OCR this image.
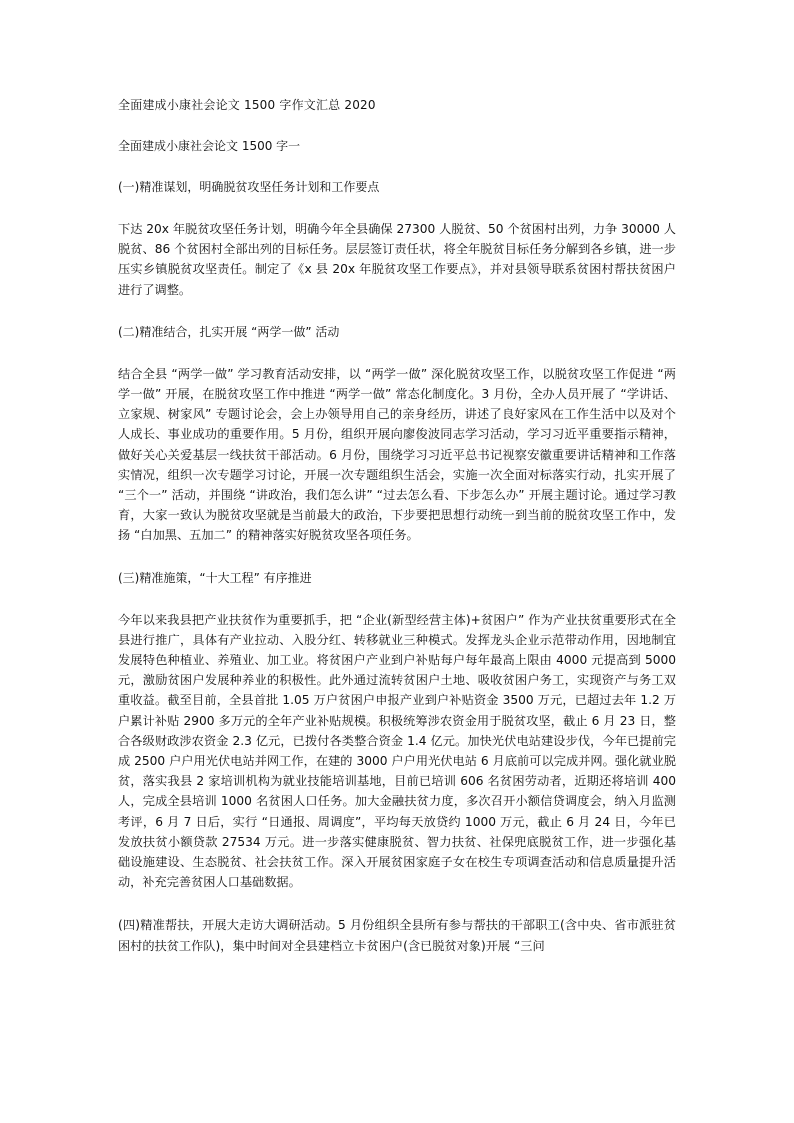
全面建成小康社会论文 1500 字作文汇总 2020
全面建成小康社会论文 1500 字一
(一)精准谋划，明确脱贫攻坚任务计划和工作要点
下达 20x 年脱贫攻坚任务计划，明确今年全县确保 27300 人脱贫、50 个贫困村出列，力争 30000 人脱贫、86 个贫困村全部出列的目标任务。层层签订责任状，将全年脱贫目标任务分解到各乡镇，进一步压实乡镇脱贫攻坚责任。制定了《x 县 20x 年脱贫攻坚工作要点》，并对县领导联系贫困村帮扶贫困户进行了调整。
(二)精准结合，扎实开展 “两学一做” 活动
结合全县 “两学一做” 学习教育活动安排，以 “两学一做” 深化脱贫攻坚工作，以脱贫攻坚工作促进 “两学一做” 开展，在脱贫攻坚工作中推进 “两学一做” 常态化制度化。3 月份，全办人员开展了 “学讲话、立家规、树家风” 专题讨论会，会上办领导用自己的亲身经历，讲述了良好家风在工作生活中以及对个人成长、事业成功的重要作用。5 月份，组织开展向廖俊波同志学习活动，学习习近平重要指示精神，做好关心关爱基层一线扶贫干部活动。6 月份，围绕学习习近平总书记视察安徽重要讲话精神和工作落实情况，组织一次专题学习讨论，开展一次专题组织生活会，实施一次全面对标落实行动，扎实开展了 “三个一” 活动，并围绕 “讲政治，我们怎么讲” “过去怎么看、下步怎么办” 开展主题讨论。通过学习教育，大家一致认为脱贫攻坚就是当前最大的政治，下步要把思想行动统一到当前的脱贫攻坚工作中，发扬 “白加黑、五加二” 的精神落实好脱贫攻坚各项任务。
(三)精准施策，“十大工程” 有序推进
今年以来我县把产业扶贫作为重要抓手，把 “企业(新型经营主体)+贫困户” 作为产业扶贫重要形式在全县进行推广，具体有产业拉动、入股分红、转移就业三种模式。发挥龙头企业示范带动作用，因地制宜发展特色种植业、养殖业、加工业。将贫困户产业到户补贴每户每年最高上限由 4000 元提高到 5000 元，激励贫困户发展种养业的积极性。此外通过流转贫困户土地、吸收贫困户务工，实现资产与务工双重收益。截至目前，全县首批 1.05 万户贫困户申报产业到户补贴资金 3500 万元，已超过去年 1.2 万户累计补贴 2900 多万元的全年产业补贴规模。积极统筹涉农资金用于脱贫攻坚，截止 6 月 23 日，整合各级财政涉农资金 2.3 亿元，已拨付各类整合资金 1.4 亿元。加快光伏电站建设步伐，今年已提前完成 2500 户户用光伏电站并网工作，在建的 3000 户户用光伏电站 6 月底前可以完成并网。强化就业脱贫，落实我县 2 家培训机构为就业技能培训基地，目前已培训 606 名贫困劳动者，近期还将培训 400 人，完成全县培训 1000 名贫困人口任务。加大金融扶贫力度，多次召开小额信贷调度会，纳入月监测考评，6 月 7 日后，实行 “日通报、周调度”，平均每天放贷约 1000 万元，截止 6 月 24 日，今年已发放扶贫小额贷款 27534 万元。进一步落实健康脱贫、智力扶贫、社保兜底脱贫工作，进一步强化基础设施建设、生态脱贫、社会扶贫工作。深入开展贫困家庭子女在校生专项调查活动和信息质量提升活动，补充完善贫困人口基础数据。
(四)精准帮扶，开展大走访大调研活动。5 月份组织全县所有参与帮扶的干部职工(含中央、省市派驻贫困村的扶贫工作队)，集中时间对全县建档立卡贫困户(含已脱贫对象)开展 “三问
